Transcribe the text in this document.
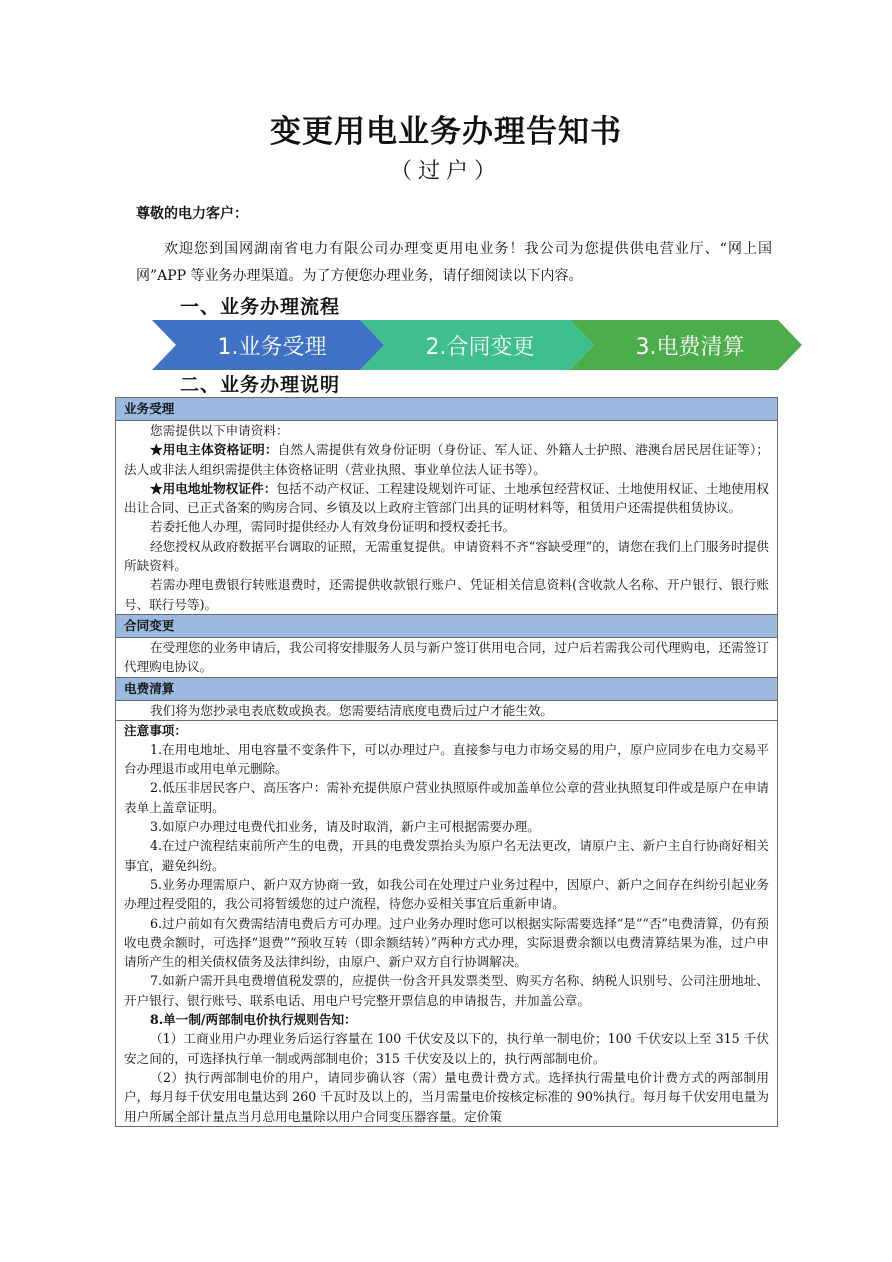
变更用电业务办理告知书
（过户）
尊敬的电力客户：
欢迎您到国网湖南省电力有限公司办理变更用电业务！我公司为您提供供电营业厅、“网上国网”APP 等业务办理渠道。为了方便您办理业务，请仔细阅读以下内容。
一、业务办理流程
1.业务受理	2.合同变更	3.电费清算
二、业务办理说明
业务受理

您需提供以下申请资料：

★用电主体资格证明：自然人需提供有效身份证明（身份证、军人证、外籍人士护照、港澳台居民居住证等）；法人或非法人组织需提供主体资格证明（营业执照、事业单位法人证书等）。

★用电地址物权证件：包括不动产权证、工程建设规划许可证、土地承包经营权证、土地使用权证、土地使用权出让合同、已正式备案的购房合同、乡镇及以上政府主管部门出具的证明材料等，租赁用户还需提供租赁协议。

若委托他人办理，需同时提供经办人有效身份证明和授权委托书。

经您授权从政府数据平台调取的证照，无需重复提供。申请资料不齐“容缺受理”的，请您在我们上门服务时提供所缺资料。

若需办理电费银行转账退费时，还需提供收款银行账户、凭证相关信息资料(含收款人名称、开户银行、银行账号、联行号等)。

合同变更

在受理您的业务申请后，我公司将安排服务人员与新户签订供用电合同，过户后若需我公司代理购电，还需签订代理购电协议。

电费清算

我们将为您抄录电表底数或换表。您需要结清底度电费后过户才能生效。

注意事项：

1.在用电地址、用电容量不变条件下，可以办理过户。直接参与电力市场交易的用户，原户应同步在电力交易平台办理退市或用电单元删除。

2.低压非居民客户、高压客户：需补充提供原户营业执照原件或加盖单位公章的营业执照复印件或是原户在申请表单上盖章证明。

3.如原户办理过电费代扣业务，请及时取消，新户主可根据需要办理。

4.在过户流程结束前所产生的电费，开具的电费发票抬头为原户名无法更改，请原户主、新户主自行协商好相关事宜，避免纠纷。

5.业务办理需原户、新户双方协商一致，如我公司在处理过户业务过程中，因原户、新户之间存在纠纷引起业务办理过程受阻的，我公司将暂缓您的过户流程，待您办妥相关事宜后重新申请。

6.过户前如有欠费需结清电费后方可办理。过户业务办理时您可以根据实际需要选择“是”“否”电费清算，仍有预收电费余额时，可选择“退费”“预收互转（即余额结转）”两种方式办理，实际退费余额以电费清算结果为准，过户申请所产生的相关债权债务及法律纠纷，由原户、新户双方自行协调解决。

7.如新户需开具电费增值税发票的，应提供一份含开具发票类型、购买方名称、纳税人识别号、公司注册地址、开户银行、银行账号、联系电话、用电户号完整开票信息的申请报告，并加盖公章。

8.单一制/两部制电价执行规则告知：

（1）工商业用户办理业务后运行容量在 100 千伏安及以下的，执行单一制电价；100 千伏安以上至 315 千伏安之间的，可选择执行单一制或两部制电价；315 千伏安及以上的，执行两部制电价。

（2）执行两部制电价的用户，请同步确认容（需）量电费计费方式。选择执行需量电价计费方式的两部制用户，每月每千伏安用电量达到 260 千瓦时及以上的，当月需量电价按核定标准的 90%执行。每月每千伏安用电量为用户所属全部计量点当月总用电量除以用户合同变压器容量。定价策
